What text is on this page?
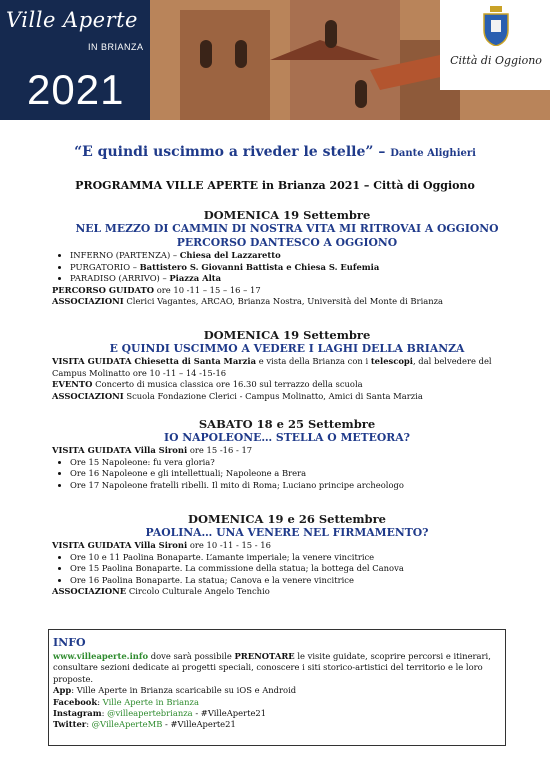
Ville Aperte
IN BRIANZA
2021
Città di Oggiono
“E quindi uscimmo a riveder le stelle” – Dante Alighieri
PROGRAMMA VILLE APERTE in Brianza 2021 – Città di Oggiono
DOMENICA 19 Settembre
NEL MEZZO DI CAMMIN DI NOSTRA VITA MI RITROVAI A OGGIONO
PERCORSO DANTESCO A OGGIONO
• INFERNO (PARTENZA) – Chiesa del Lazzaretto
• PURGATORIO – Battistero S. Giovanni Battista e Chiesa S. Eufemia
• PARADISO (ARRIVO) – Piazza Alta
PERCORSO GUIDATO ore 10 -11 – 15 – 16 – 17
ASSOCIAZIONI Clerici Vagantes, ARCAO, Brianza Nostra, Università del Monte di Brianza
DOMENICA 19 Settembre
E QUINDI USCIMMO A VEDERE I LAGHI DELLA BRIANZA
VISITA GUIDATA Chiesetta di Santa Marzia e vista della Brianza con i telescopi, dal belvedere del
Campus Molinatto ore 10 -11 – 14 -15-16
EVENTO Concerto di musica classica ore 16.30 sul terrazzo della scuola
ASSOCIAZIONI Scuola Fondazione Clerici - Campus Molinatto, Amici di Santa Marzia
SABATO 18 e 25 Settembre
IO NAPOLEONE… STELLA O METEORA?
VISITA GUIDATA Villa Sironi ore 15 -16 - 17
• Ore 15 Napoleone: fu vera gloria?
• Ore 16 Napoleone e gli intellettuali; Napoleone a Brera
• Ore 17 Napoleone fratelli ribelli. Il mito di Roma; Luciano principe archeologo
DOMENICA 19 e 26 Settembre
PAOLINA… UNA VENERE NEL FIRMAMENTO?
VISITA GUIDATA Villa Sironi ore 10 -11 - 15 - 16
• Ore 10 e 11 Paolina Bonaparte. L’amante imperiale; la venere vincitrice
• Ore 15 Paolina Bonaparte. La commissione della statua; la bottega del Canova
• Ore 16 Paolina Bonaparte. La statua; Canova e la venere vincitrice
ASSOCIAZIONE Circolo Culturale Angelo Tenchio
INFO
www.villeaperte.info dove sarà possibile PRENOTARE le visite guidate, scoprire percorsi e itinerari, consultare sezioni dedicate ai progetti speciali, conoscere i siti storico-artistici del territorio e le loro proposte.
App: Ville Aperte in Brianza scaricabile su iOS e Android
Facebook: Ville Aperte in Brianza
Instagram: @villeapertebrianza - #VilleAperte21
Twitter: @VilleAperteMB - #VilleAperte21
